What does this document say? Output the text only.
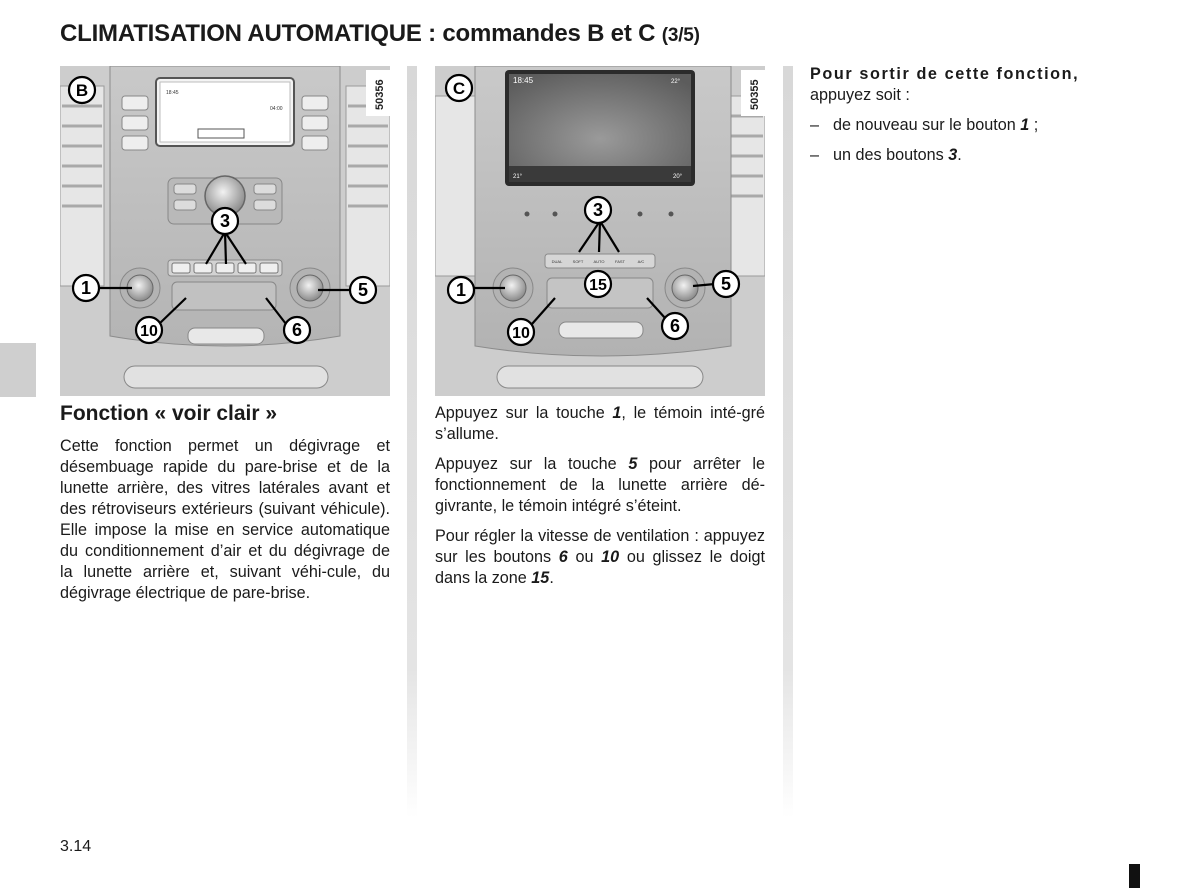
CLIMATISATION AUTOMATIQUE : commandes B et C (3/5)
18:45
04:00
3
1	5
10	6
B	50356	18:45	22°
21°	20°
DUAL	SOFT	AUTO	FAST	A/C
3
15
1	5
10	6
C	50355
Fonction « voir clair »
Cette fonction permet un dégivrage et désembuage rapide du pare-brise et de la lunette arrière, des vitres latérales avant et des rétroviseurs extérieurs (suivant véhicule). Elle impose la mise en service automatique du conditionnement d’air et du dégivrage de la lunette arrière et, suivant véhi-cule, du dégivrage électrique de pare-brise.
Appuyez sur la touche 1, le témoin inté-gré s’allume.
Appuyez sur la touche 5 pour arrêter le fonctionnement de la lunette arrière dé-givrante, le témoin intégré s’éteint.
Pour régler la vitesse de ventilation : appuyez sur les boutons 6 ou 10 ou glissez le doigt dans la zone 15.
Pour sortir de cette fonction,
appuyez soit :
– de nouveau sur le bouton 1 ;
– un des boutons 3.
3.14
